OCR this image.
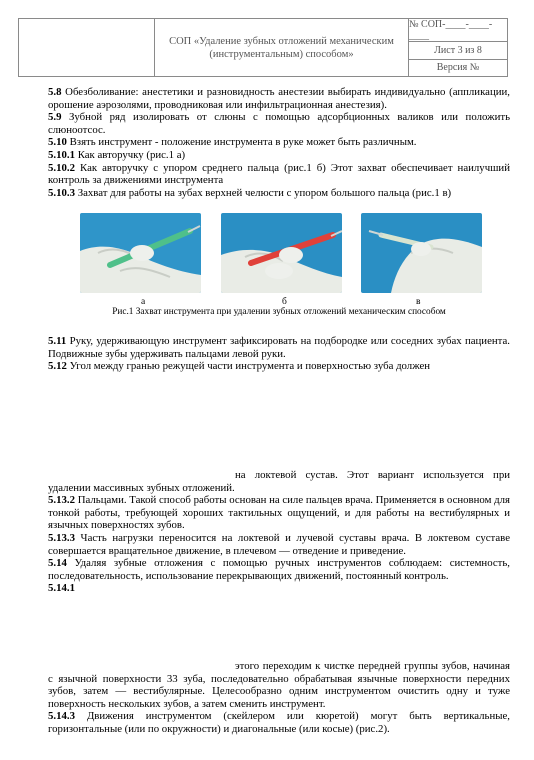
СОП «Удаление зубных отложений механическим (инструментальным) способом»
№ СОП-____-____-____
Лист 3 из 8
Версия №

5.8 Обезболивание: анестетики и разновидность анестезии выбирать индивидуально (аппликации, орошение аэрозолями, проводниковая или инфильтрационная анестезия).

5.9 Зубной ряд изолировать от слюны с помощью адсорбционных валиков или положить слюноотсос.

5.10 Взять инструмент - положение инструмента в руке может быть различным.

5.10.1 Как авторучку (рис.1 а)

5.10.2 Как авторучку с упором среднего пальца (рис.1 б) Этот захват обеспечивает наилучший контроль за движениями инструмента

5.10.3 Захват для работы на зубах верхней челюсти с упором большого пальца (рис.1 в)

а	б	в
Рис.1 Захват инструмента при удалении зубных отложений механическим способом

5.11 Руку, удерживающую инструмент зафиксировать на подбородке или соседних зубах пациента. Подвижные зубы удерживать пальцами левой руки.

5.12 Угол между гранью режущей части инструмента и поверхностью зуба должен

на локтевой сустав. Этот вариант используется при удалении массивных зубных отложений.

5.13.2 Пальцами. Такой способ работы основан на силе пальцев врача. Применяется в основном для тонкой работы, требующей хороших тактильных ощущений, и для работы на вестибулярных и язычных поверхностях зубов.

5.13.3 Часть нагрузки переносится на локтевой и лучевой суставы врача. В локтевом суставе совершается вращательное движение, в плечевом — отведение и приведение.

5.14 Удаляя зубные отложения с помощью ручных инструментов соблюдаем: системность, последовательность, использование перекрывающих движений, постоянный контроль.

5.14.1

этого переходим к чистке передней группы зубов, начиная с язычной поверхности 33 зуба, последовательно обрабатывая язычные поверхности передних зубов, затем — вестибулярные. Целесообразно одним инструментом очистить одну и туже поверхность нескольких зубов, а затем сменить инструмент.

5.14.3 Движения инструментом (скейлером или кюретой) могут быть вертикальные, горизонтальные (или по окружности) и диагональные (или косые) (рис.2).
